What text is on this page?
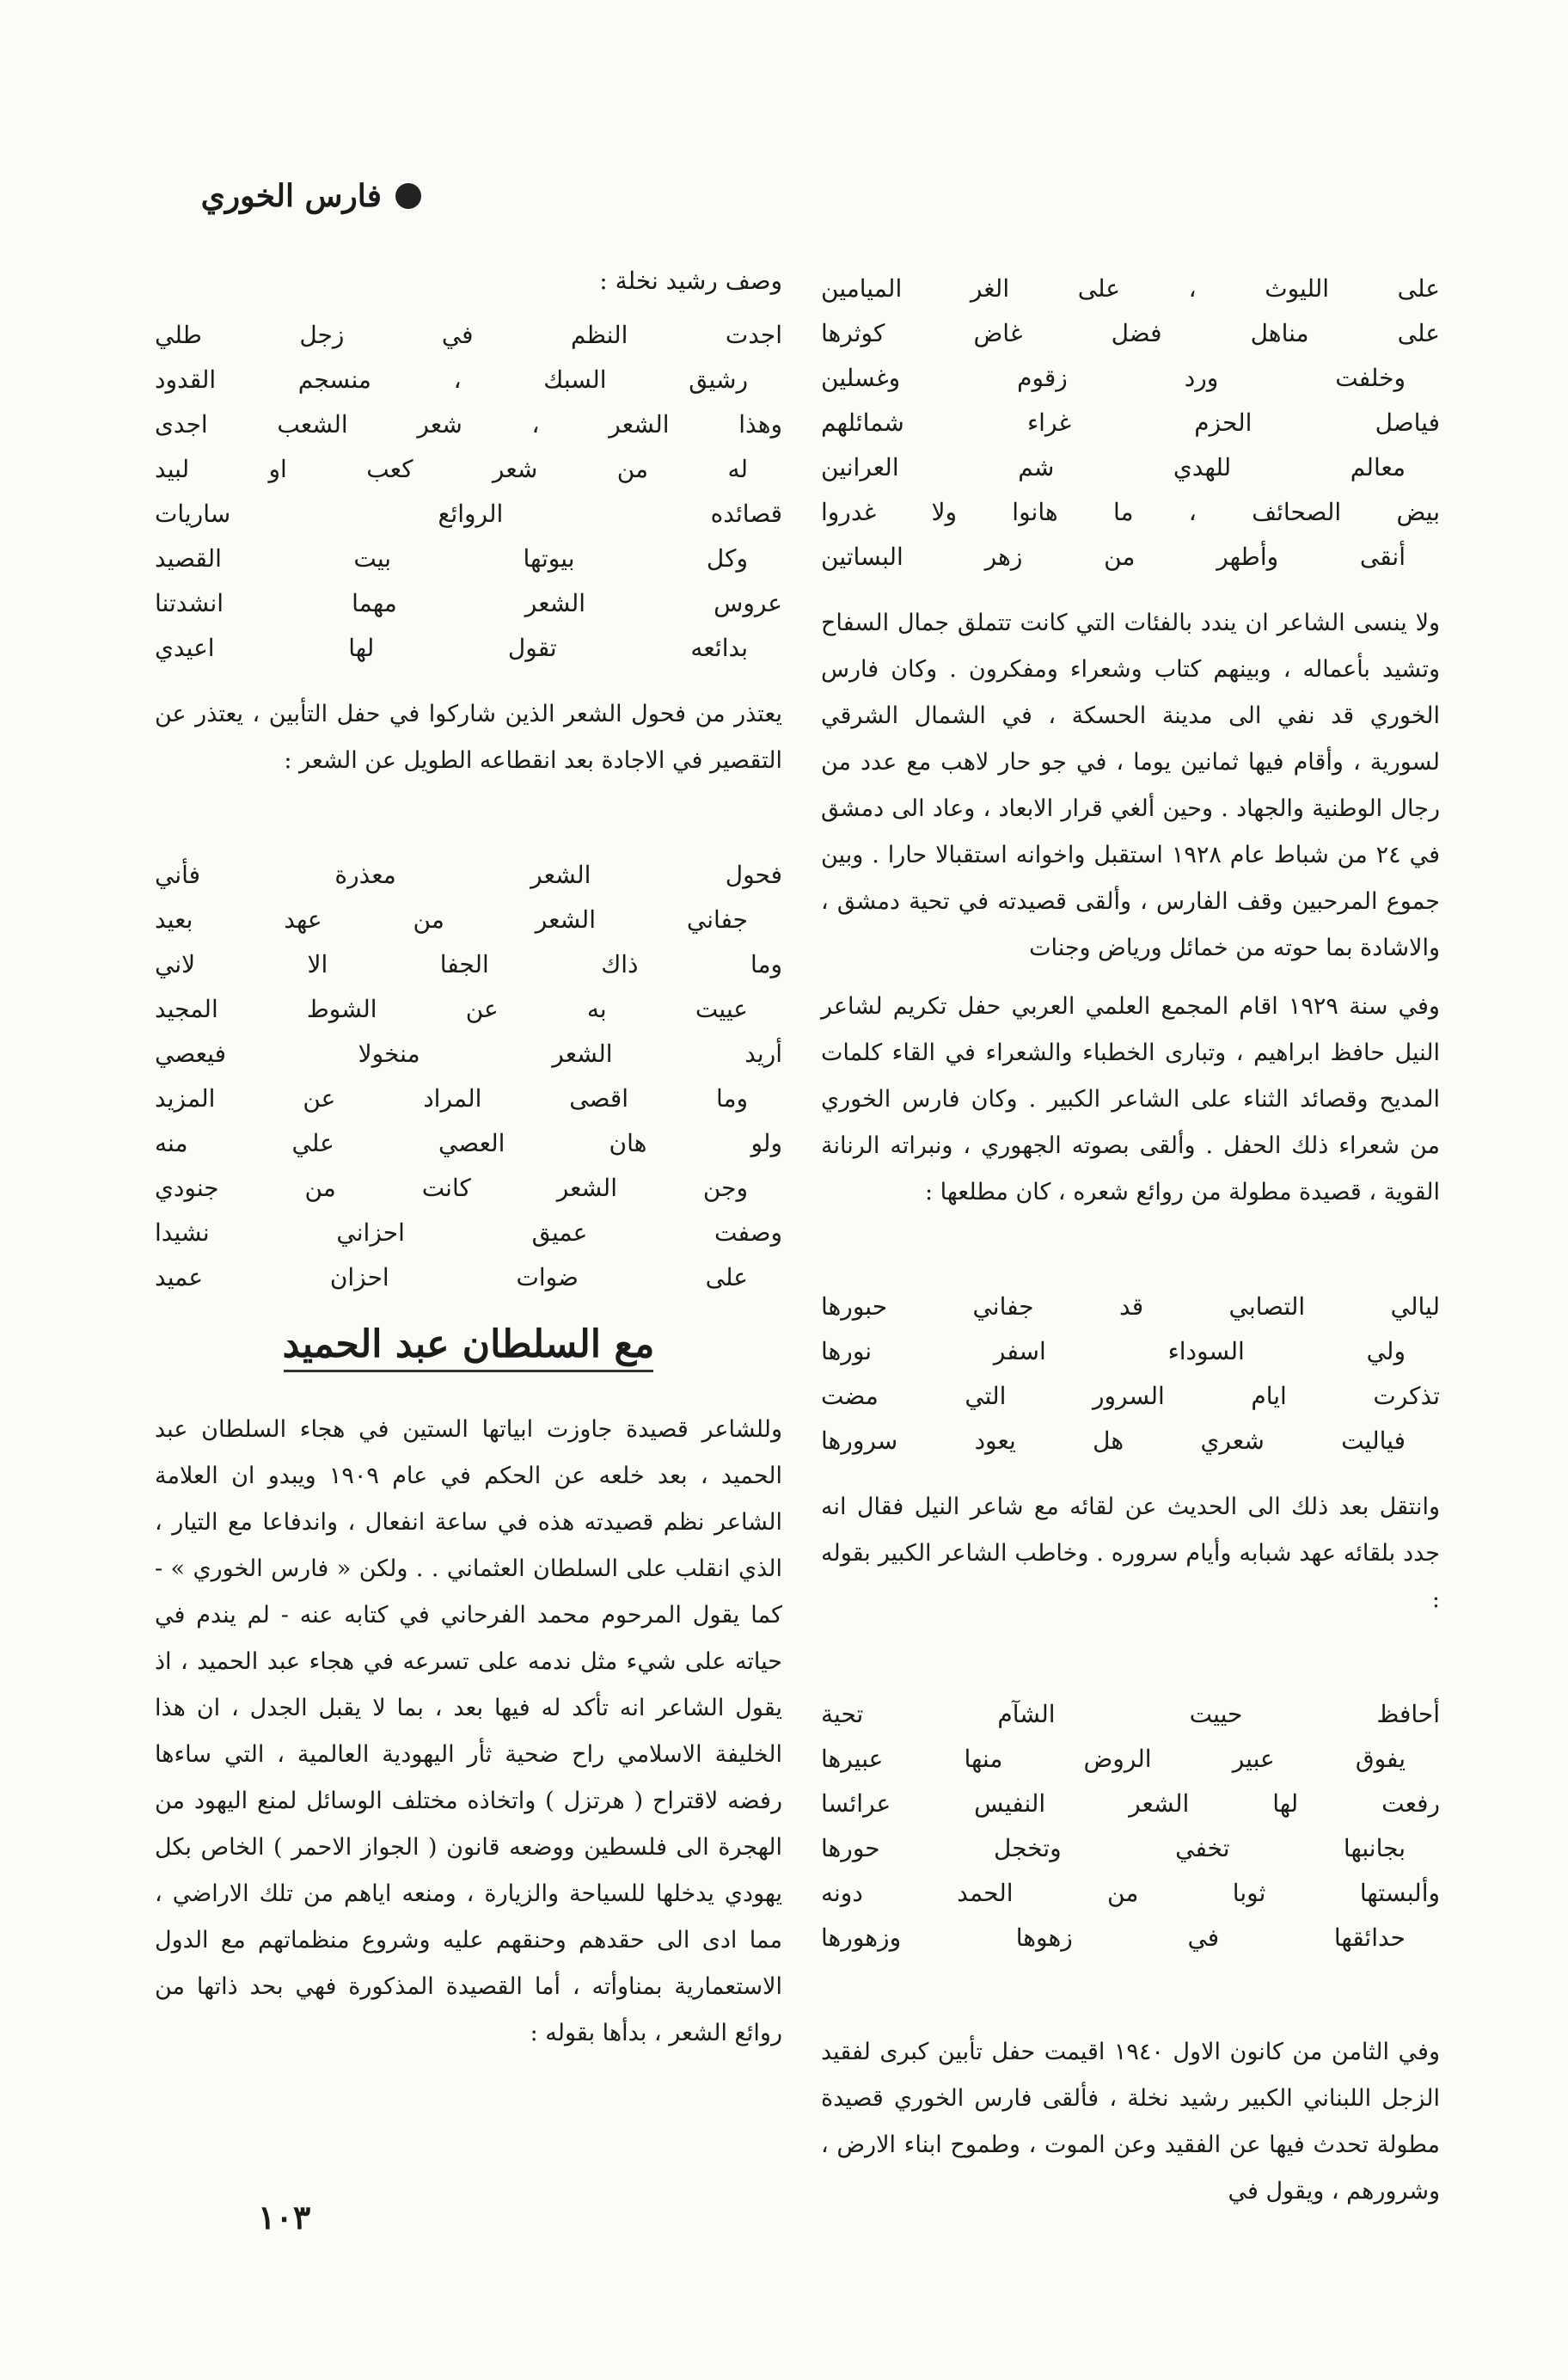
فارس الخوري
على الليوث ، على الغر الميامين
على مناهل فضل غاض كوثرها
وخلفت ورد زقوم وغسلين
فياصل الحزم غراء شمائلهم
معالم للهدي شم العرانين
بيض الصحائف ، ما هانوا ولا غدروا
أنقى وأطهر من زهر البساتين

ولا ينسى الشاعر ان يندد بالفئات التي كانت تتملق جمال السفاح وتشيد بأعماله ، وبينهم كتاب وشعراء ومفكرون . وكان فارس الخوري قد نفي الى مدينة الحسكة ، في الشمال الشرقي لسورية ، وأقام فيها ثمانين يوما ، في جو حار لاهب مع عدد من رجال الوطنية والجهاد . وحين ألغي قرار الابعاد ، وعاد الى دمشق في ٢٤ من شباط عام ١٩٢٨ استقبل واخوانه استقبالا حارا . وبين جموع المرحبين وقف الفارس ، وألقى قصيدته في تحية دمشق ، والاشادة بما حوته من خمائل ورياض وجنات

وفي سنة ١٩٢٩ اقام المجمع العلمي العربي حفل تكريم لشاعر النيل حافظ ابراهيم ، وتبارى الخطباء والشعراء في القاء كلمات المديح وقصائد الثناء على الشاعر الكبير . وكان فارس الخوري من شعراء ذلك الحفل . وألقى بصوته الجهوري ، ونبراته الرنانة القوية ، قصيدة مطولة من روائع شعره ، كان مطلعها :

ليالي التصابي قد جفاني حبورها
ولي السوداء اسفر نورها
تذكرت ايام السرور التي مضت
فياليت شعري هل يعود سرورها

وانتقل بعد ذلك الى الحديث عن لقائه مع شاعر النيل فقال انه جدد بلقائه عهد شبابه وأيام سروره . وخاطب الشاعر الكبير بقوله :

أحافظ حييت الشآم تحية
يفوق عبير الروض منها عبيرها
رفعت لها الشعر النفيس عرائسا
بجانبها تخفي وتخجل حورها
وألبستها ثوبا من الحمد دونه
حدائقها في زهوها وزهورها

وفي الثامن من كانون الاول ١٩٤٠ اقيمت حفل تأبين كبرى لفقيد الزجل اللبناني الكبير رشيد نخلة ، فألقى فارس الخوري قصيدة مطولة تحدث فيها عن الفقيد وعن الموت ، وطموح ابناء الارض ، وشرورهم ، ويقول في

وصف رشيد نخلة :

اجدت النظم في زجل طلي
رشيق السبك ، منسجم القدود
وهذا الشعر ، شعر الشعب اجدى
له من شعر كعب او لبيد
قصائده الروائع ساريات
وكل بيوتها بيت القصيد
عروس الشعر مهما انشدتنا
بدائعه تقول لها اعيدي

يعتذر من فحول الشعر الذين شاركوا في حفل التأبين ، يعتذر عن التقصير في الاجادة بعد انقطاعه الطويل عن الشعر :

فحول الشعر معذرة فأني
جفاني الشعر من عهد بعيد
وما ذاك الجفا الا لاني
عييت به عن الشوط المجيد
أريد الشعر منخولا فيعصي
وما اقصى المراد عن المزيد
ولو هان العصي علي منه
وجن الشعر كانت من جنودي
وصفت عميق احزاني نشيدا
على ضوات احزان عميد
مع السلطان عبد الحميد

وللشاعر قصيدة جاوزت ابياتها الستين في هجاء السلطان عبد الحميد ، بعد خلعه عن الحكم في عام ١٩٠٩ ويبدو ان العلامة الشاعر نظم قصيدته هذه في ساعة انفعال ، واندفاعا مع التيار ، الذي انقلب على السلطان العثماني . . ولكن « فارس الخوري » - كما يقول المرحوم محمد الفرحاني في كتابه عنه - لم يندم في حياته على شيء مثل ندمه على تسرعه في هجاء عبد الحميد ، اذ يقول الشاعر انه تأكد له فيها بعد ، بما لا يقبل الجدل ، ان هذا الخليفة الاسلامي راح ضحية ثأر اليهودية العالمية ، التي ساءها رفضه لاقتراح ( هرتزل ) واتخاذه مختلف الوسائل لمنع اليهود من الهجرة الى فلسطين ووضعه قانون ( الجواز الاحمر ) الخاص بكل يهودي يدخلها للسياحة والزيارة ، ومنعه اياهم من تلك الاراضي ، مما ادى الى حقدهم وحنقهم عليه وشروع منظماتهم مع الدول الاستعمارية بمناوأته ، أما القصيدة المذكورة فهي بحد ذاتها من روائع الشعر ، بدأها بقوله :

١٠٣
